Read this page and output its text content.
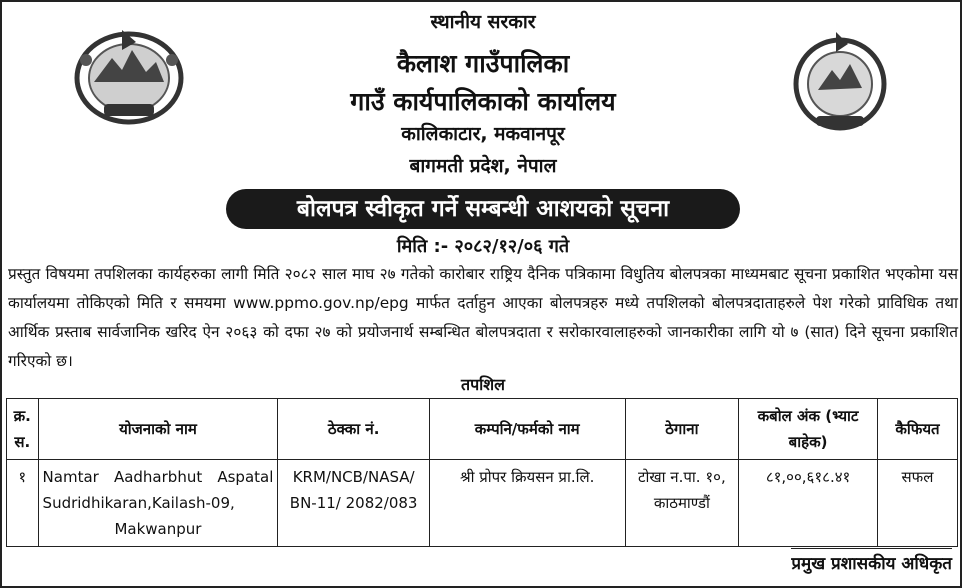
स्थानीय सरकार
कैलाश गाउँपालिका
गाउँ कार्यपालिकाको कार्यालय
कालिकाटार, मकवानपूर
बागमती प्रदेश, नेपाल
बोलपत्र स्वीकृत गर्ने सम्बन्धी आशयको सूचना
मिति :- २०८२/१२/०६ गते

प्रस्तुत विषयमा तपशिलका कार्यहरुका लागी मिति २०८२ साल माघ २७ गतेको कारोबार राष्ट्रिय दैनिक पत्रिकामा विधुतिय बोलपत्रका माध्यमबाट सूचना प्रकाशित भएकोमा यस कार्यालयमा तोकिएको मिति र समयमा www.ppmo.gov.np/epg मार्फत दर्ताहुन आएका बोलपत्रहरु मध्ये तपशिलको बोलपत्रदाताहरुले पेश गरेको प्राविधिक तथा आर्थिक प्रस्ताब सार्वजानिक खरिद ऐन २०६३ को दफा २७ को प्रयोजनार्थ सम्बन्धित बोलपत्रदाता र सरोकारवालाहरुको जानकारीका लागि यो ७ (सात) दिने सूचना प्रकाशित गरिएको छ।

तपशिल
क्र. स.	योजनाको नाम	ठेक्का नं.	कम्पनि/फर्मको नाम	ठेगाना	कबोल अंक (भ्याट बाहेक)	कैफियत
१	Namtar Aadharbhut Aspatal Sudridhikaran,Kailash-09, Makwanpur	KRM/NCB/NASA/ BN-11/ 2082/083	श्री प्रोपर क्रियसन प्रा.लि.	टोखा न.पा. १०, काठमाण्डौं	८१,००,६१८.४१	सफल
प्रमुख प्रशासकीय अधिकृत
